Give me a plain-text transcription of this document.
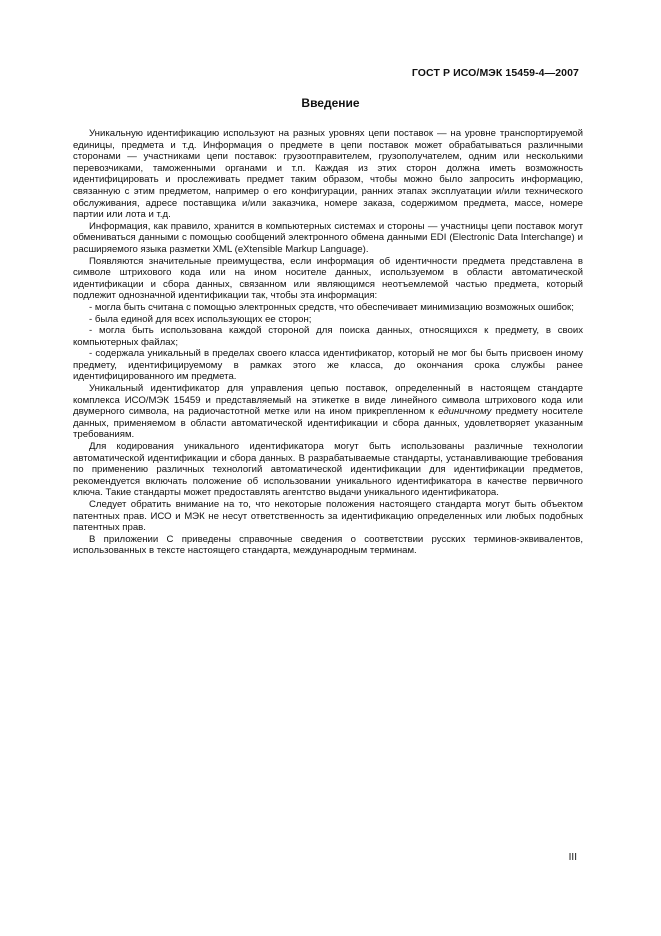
ГОСТ Р ИСО/МЭК 15459-4—2007
Введение

Уникальную идентификацию используют на разных уровнях цепи поставок — на уровне транспортируемой единицы, предмета и т.д. Информация о предмете в цепи поставок может обрабатываться различными сторонами — участниками цепи поставок: грузоотправителем, грузополучателем, одним или несколькими перевозчиками, таможенными органами и т.п. Каждая из этих сторон должна иметь возможность идентифицировать и прослеживать предмет таким образом, чтобы можно было запросить информацию, связанную с этим предметом, например о его конфигурации, ранних этапах эксплуатации и/или технического обслуживания, адресе поставщика и/или заказчика, номере заказа, содержимом предмета, массе, номере партии или лота и т.д.

Информация, как правило, хранится в компьютерных системах и стороны — участницы цепи поставок могут обмениваться данными с помощью сообщений электронного обмена данными EDI (Electronic Data Interchange) и расширяемого языка разметки XML (eXtensible Markup Language).

Появляются значительные преимущества, если информация об идентичности предмета представлена в символе штрихового кода или на ином носителе данных, используемом в области автоматической идентификации и сбора данных, связанном или являющимся неотъемлемой частью предмета, который подлежит однозначной идентификации так, чтобы эта информация:

- могла быть считана с помощью электронных средств, что обеспечивает минимизацию возможных ошибок;

- была единой для всех использующих ее сторон;

- могла быть использована каждой стороной для поиска данных, относящихся к предмету, в своих компьютерных файлах;

- содержала уникальный в пределах своего класса идентификатор, который не мог бы быть присвоен иному предмету, идентифицируемому в рамках этого же класса, до окончания срока службы ранее идентифицированного им предмета.

Уникальный идентификатор для управления цепью поставок, определенный в настоящем стандарте комплекса ИСО/МЭК 15459 и представляемый на этикетке в виде линейного символа штрихового кода или двумерного символа, на радиочастотной метке или на ином прикрепленном к единичному предмету носителе данных, применяемом в области автоматической идентификации и сбора данных, удовлетворяет указанным требованиям.

Для кодирования уникального идентификатора могут быть использованы различные технологии автоматической идентификации и сбора данных. В разрабатываемые стандарты, устанавливающие требования по применению различных технологий автоматической идентификации для идентификации предметов, рекомендуется включать положение об использовании уникального идентификатора в качестве первичного ключа. Такие стандарты может предоставлять агентство выдачи уникального идентификатора.

Следует обратить внимание на то, что некоторые положения настоящего стандарта могут быть объектом патентных прав. ИСО и МЭК не несут ответственность за идентификацию определенных или любых подобных патентных прав.

В приложении С приведены справочные сведения о соответствии русских терминов-эквивалентов, использованных в тексте настоящего стандарта, международным терминам.

III
